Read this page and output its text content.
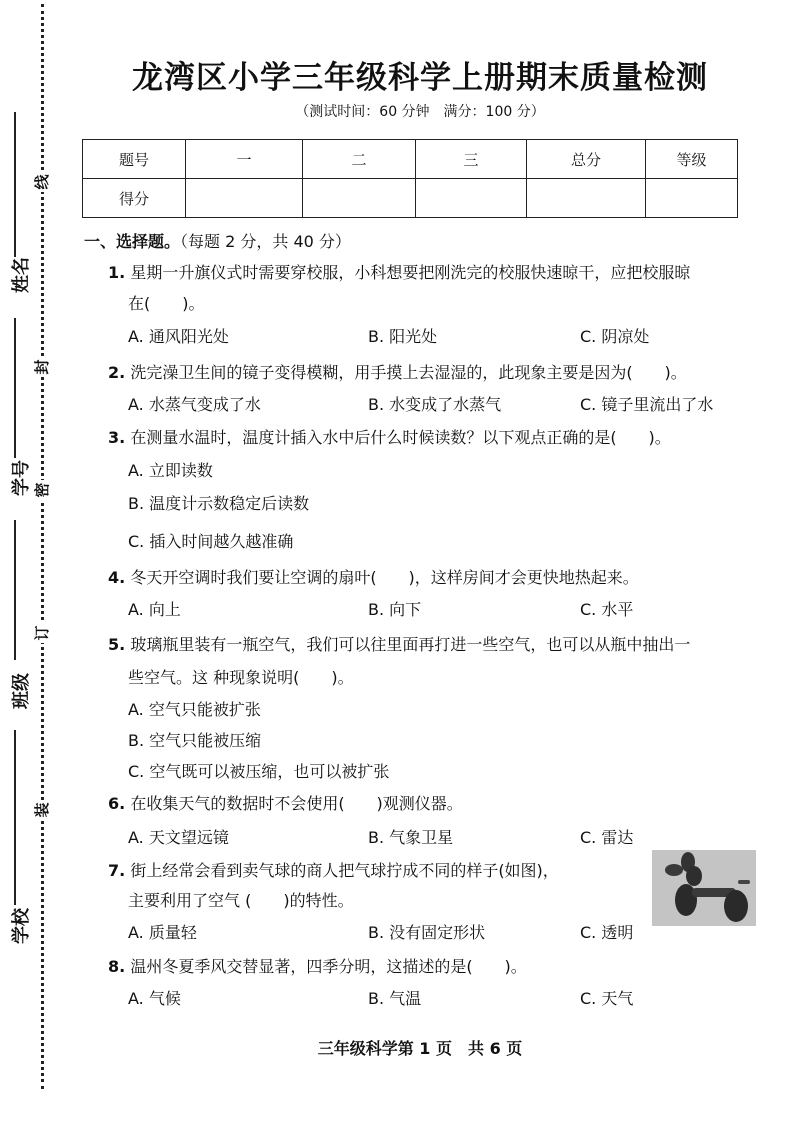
线
封
密
订
装
姓名
学号
班级
学校
龙湾区小学三年级科学上册期末质量检测
（测试时间：60 分钟　满分：100 分）
题号	一	二	三	总分	等级
得分					
一、选择题。（每题 2 分，共 40 分）
1. 星期一升旗仪式时需要穿校服，小科想要把刚洗完的校服快速晾干，应把校服晾
在(　　)。
A. 通风阳光处	B. 阳光处	C. 阴凉处
2. 洗完澡卫生间的镜子变得模糊，用手摸上去湿湿的，此现象主要是因为(　　)。
A. 水蒸气变成了水	B. 水变成了水蒸气	C. 镜子里流出了水
3. 在测量水温时，温度计插入水中后什么时候读数？以下观点正确的是(　　)。
A. 立即读数
B. 温度计示数稳定后读数
C. 插入时间越久越准确
4. 冬天开空调时我们要让空调的扇叶(　　)，这样房间才会更快地热起来。
A. 向上	B. 向下	C. 水平
5. 玻璃瓶里装有一瓶空气，我们可以往里面再打进一些空气，也可以从瓶中抽出一
些空气。这 种现象说明(　　)。
A. 空气只能被扩张
B. 空气只能被压缩
C. 空气既可以被压缩，也可以被扩张
6. 在收集天气的数据时不会使用(　　)观测仪器。
A. 天文望远镜	B. 气象卫星	C. 雷达
7. 街上经常会看到卖气球的商人把气球拧成不同的样子(如图)，
主要利用了空气 (　　)的特性。
A. 质量轻	B. 没有固定形状	C. 透明
8. 温州冬夏季风交替显著，四季分明，这描述的是(　　)。
A. 气候	B. 气温	C. 天气
三年级科学第 1 页　共 6 页
